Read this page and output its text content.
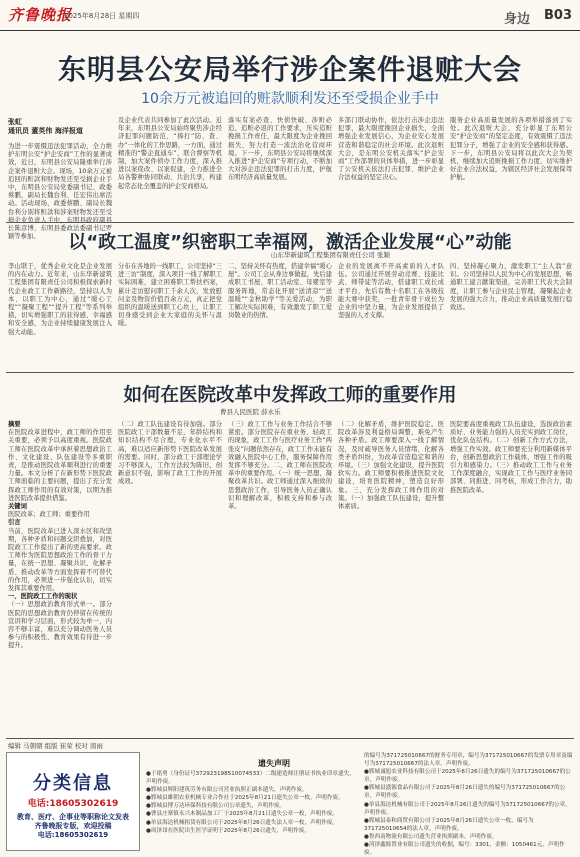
齐鲁晚报
2025年8月28日 星期四	身边 B03
东明县公安局举行涉企案件退赃大会
10余万元被追回的赃款顺利发还至受损企业手中
张虹
通讯员 董英伟 海洋报道
为进一步震慑违法犯罪活动，全力维护东明公安“护企安商”工作的显著成效，近日，东明县公安局隆重举行涉企案件退赃大会。现场，10余万元被追回的赃款和财物发还至受损企业手中，东明县公安局党委副书记、政委蔡鹏，副局长魏台利、任宏伟出席活动。活动现场，政委蔡鹏、副局长魏台利分别将赃款和涉案财物发还至受损企业负责人手中，东明县政府副县长陈彦博、东明县委政法委副书记罗颖等参加。
及企业代表共同参加了此次活动。近年来，东明县公安局始终聚焦涉企经济犯罪问题防范、“捧打”防、查、办”一体化的工作思路，一方面，通过精准的“警企直通车”、联合督察等机制，加大案件侦办工作力度，深入推进以案促改、以案促建，全力推进全局各警种协同联动、共治共享，构建起常态化全覆盖的护企安商格局。
落实有案必查、快侦快破、涉赃必追、追赃必返的工作要求，压实追赃挽损工作责任，最大限度为企业挽回损失，努力打造一流法治化营商环境。下一步，东明县公安局将继续深入推进“护企安商”专项行动，不断加大对涉企违法犯罪的打击力度，护航东明经济高质量发展。
多部门联动协作，依法打击涉企违法犯罪，最大限度挽回企业损失，全面增强企业发展信心，为企业安心发展营造和谐稳定的社会环境。此次退赃大会，是东明公安机关落实“护企安商”工作部署的具体举措，进一步彰显了公安机关依法打击犯罪、维护企业合法权益的坚定决心。
服务企业高质量发展的各项举措落到了实处。此次退赃大会，充分彰显了东明公安“护企安商”的坚定态度，有效震慑了违法犯罪分子，增强了企业的安全感和获得感。下一步，东明县公安局将以此次大会为契机，继续加大追赃挽损工作力度，切实维护好企业合法权益，为辖区经济社会发展保驾护航。
以“政工温度”织密职工幸福网，激活企业发展“心”动能
山东华新建筑工程集团有限责任公司 张颖
李山联于，优秀企业文化是企业发展的内在动力。近年来，山东华新建筑工程集团有限责任公司积极探索新时代企业政工工作新路径，坚持以人为本、以职工为中心，通过“暖心工程”“凝聚工程”“提升工程”等系列举措，切实增强职工的获得感、幸福感和安全感，为企业持续健康发展注入强大动能。
分布在各地的一线职工，公司坚持“三进三访”制度，深入项目一线了解职工实际困难，建立困难职工帮扶档案，累计走访慰问职工千余人次，发放慰问金及物资价值百余万元，真正把党组织的温暖送到职工心坎上，让职工切身感受到企业大家庭的关怀与温暖。
二、坚持关怀有热度，搭建幸福“暖心屋”。公司工会从身边事做起，先后建成职工书屋、职工活动室、母婴室等服务阵地，常态化开展“送清凉”“送温暖”“金秋助学”等关爱活动，为职工解决实际困难，有效激发了职工爱岗敬业的热情。
企业的发展离不开高素质的人才队伍。公司通过开展劳动竞赛、技能比武、师带徒等活动，搭建职工成长成才平台，先后有数十名职工在各级技能大赛中获奖，一批青年骨干成长为企业的中坚力量，为企业发展提供了坚强的人才支撑。
四、坚持凝心聚力，激发职工“主人翁”意识。公司坚持以人民为中心的发展思想，畅通职工建言献策渠道，完善职工代表大会制度，让职工参与企业民主管理，凝聚起企业发展的强大合力，推动企业高质量发展行稳致远。
如何在医院改革中发挥政工师的重要作用
曹县人民医院 薛永乐
摘要
在医院改革进程中，政工师的作用至关重要，必须予以高度重视。医院政工师在医院改革中承担着思想政治工作、文化建设、队伍建设等多重职责，是推动医院改革顺利进行的重要力量。本文分析了在新形势下医院政工师面临的主要问题，提出了充分发挥政工师作用的有效对策，以期为推进医院改革提供借鉴。
关键词
医院改革；政工师；重要作用
引言
当前，医院改革已进入深水区和攻坚期，各种矛盾和问题交织叠加，对医院政工工作提出了新的更高要求。政工师作为医院思想政治工作的骨干力量，在统一思想、凝聚共识、化解矛盾、推动改革等方面发挥着不可替代的作用，必须进一步强化认识，切实发挥其重要作用。
一、医院政工工作的现状
（一）思想政治教育形式单一。部分医院的思想政治教育仍停留在传统的宣讲和学习层面，形式较为单一，内容不够丰富，难以充分调动医务人员参与的积极性，教育效果有待进一步提升。
（二）政工队伍建设有待加强。部分医院政工干部数量不足，年龄结构和知识结构不尽合理，专业化水平不高，难以适应新形势下医院改革发展的需要。同时，部分政工干部理论学习不够深入，工作方法较为陈旧，创新意识不强，影响了政工工作的开展成效。
（三）政工工作与业务工作结合不够紧密。部分医院存在重业务、轻政工的现象，政工工作与医疗业务工作“两张皮”问题依然存在，政工工作未能有效融入医院中心工作，服务保障作用发挥不够充分。二、政工师在医院改革中的重要作用。（一）统一思想，凝聚改革共识。政工师通过深入细致的思想政治工作，引导医务人员正确认识和理解改革，积极支持和参与改革。
（二）化解矛盾，维护医院稳定。医院改革涉及利益格局调整，难免产生各种矛盾。政工师要深入一线了解情况，及时疏导医务人员情绪，化解各类矛盾纠纷，为改革营造稳定和谐的环境。（三）加强文化建设，提升医院软实力。政工师要积极推进医院文化建设，培育医院精神，塑造良好形象。三、充分发挥政工师作用的对策。（一）加强政工队伍建设，提升整体素质。
医院要高度重视政工队伍建设，选拔政治素质好、业务能力强的人员充实到政工岗位，优化队伍结构。（二）创新工作方式方法，增强工作实效。政工师要充分利用新媒体平台，创新思想政治工作载体，增强工作的吸引力和感染力。（三）推动政工工作与业务工作深度融合，实现政工工作与医疗业务同部署、同推进、同考核，形成工作合力，助推医院改革。
编辑 马朝朝 组版 崔荣 校对 南雨
分类信息
电话:18605302619
教育、医疗、企事业等职称论文发表
齐鲁晚报专版，欢迎投稿
电话:18605302619
遗失声明
●于绪勇（身份证号372923198510074533）二级建造师注册证书执业印章遗失，声明作废。
●郓城县辉阳建筑劳务有限公司营业执照正副本遗失，声明作废。
●郓城县雄朝农业机械专业合作社于2025年8月21日遗失公章一枚，声明作废。
●郓城县博万达环保科技有限公司公章遗失，声明作废。
●曹县庄寨镇永兴木制品加工厂于2025年8月21日遗失公章一枚，声明作废。
●单县海达机械租赁有限公司于2025年8月26日遗失法人章一枚，声明作废。
●周泽昂在医院出生医学证明于2025年8月26日遗失，声明作废。
的编号为371725010667的财务专用章，编号为371725010667的发票专用章及编号为371725010667的法人章，声明作废。
●郓城诚旭农业科技有限公司于2025年8月26日遗失的编号为371725010667的公章，声明作废。
●郓城县盛源食品有限公司于2025年8月26日遗失的编号为371725010667的公章，声明作废。
●单县海达机械有限公司于2025年8月26日遗失的编号为371725010667的公章，声明作废。
●郓城县泰和商贸有限公司于2025年8月26日遗失公章一枚，编号为371725010654的法人章，声明作废。
●鲁西南物流有限公司遗失营业执照副本，声明作废。
●菏泽鑫源置业有限公司遗失的收据，编号：3301，金额：1050461元，声明作废。
